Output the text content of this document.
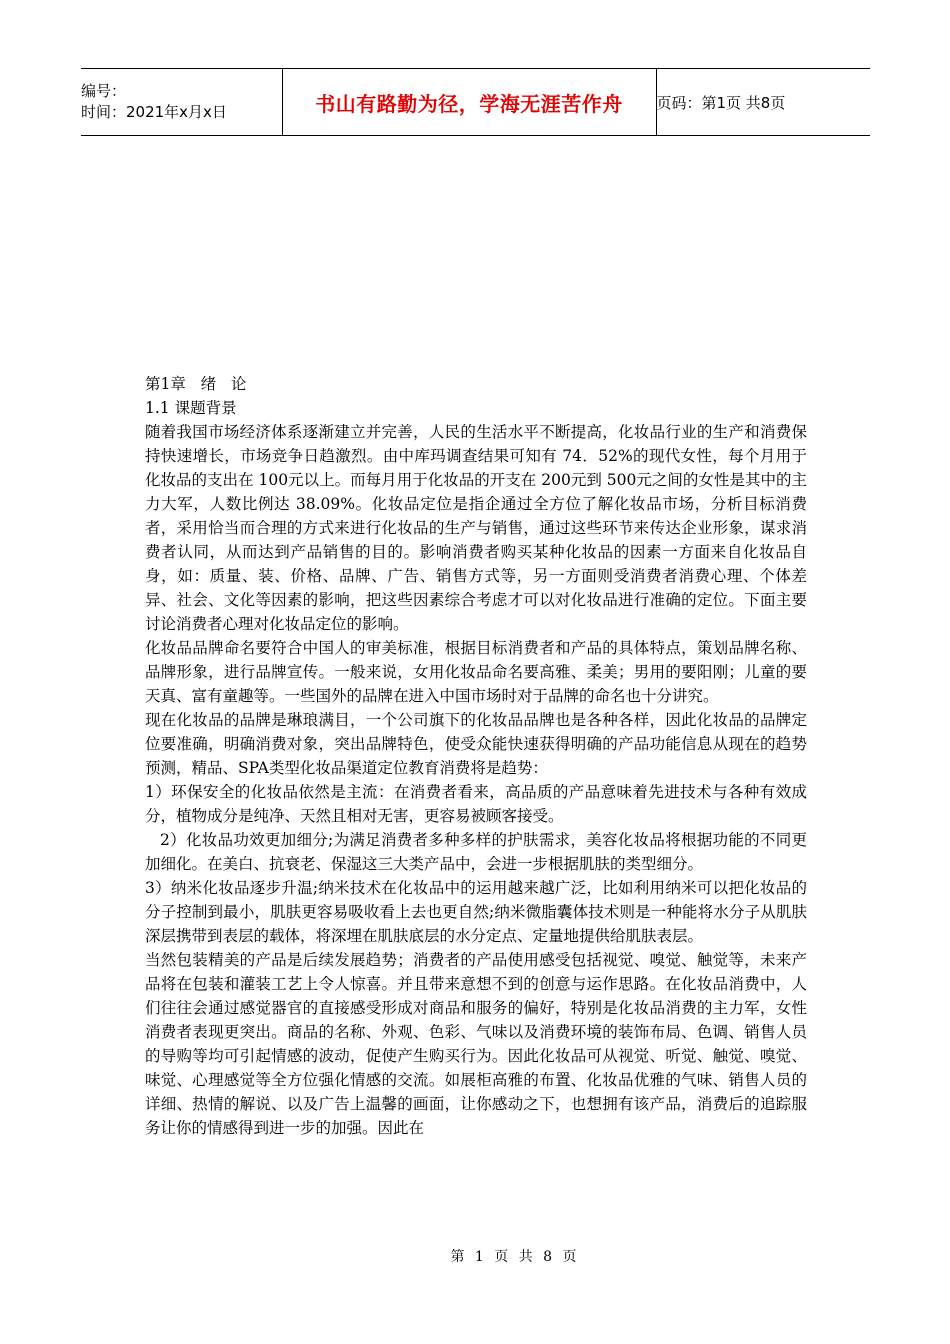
编号：
时间：2021年x月x日	书山有路勤为径，学海无涯苦作舟	页码：第1页 共8页

第1章   绪   论

1.1 课题背景

随着我国市场经济体系逐渐建立并完善，人民的生活水平不断提高，化妆品行业的生产和消费保持快速增长，市场竞争日趋激烈。由中库玛调查结果可知有 74．52%的现代女性，每个月用于化妆品的支出在 100元以上。而每月用于化妆品的开支在 200元到 500元之间的女性是其中的主力大军，人数比例达 38.09%。化妆品定位是指企通过全方位了解化妆品市场，分析目标消费者，采用恰当而合理的方式来进行化妆品的生产与销售，通过这些环节来传达企业形象，谋求消费者认同，从而达到产品销售的目的。影响消费者购买某种化妆品的因素一方面来自化妆品自身，如：质量、装、价格、品牌、广告、销售方式等，另一方面则受消费者消费心理、个体差异、社会、文化等因素的影响，把这些因素综合考虑才可以对化妆品进行准确的定位。下面主要讨论消费者心理对化妆品定位的影响。

化妆品品牌命名要符合中国人的审美标准，根据目标消费者和产品的具体特点，策划品牌名称、品牌形象，进行品牌宣传。一般来说，女用化妆品命名要高雅、柔美；男用的要阳刚；儿童的要天真、富有童趣等。一些国外的品牌在进入中国市场时对于品牌的命名也十分讲究。

现在化妆品的品牌是琳琅满目，一个公司旗下的化妆品品牌也是各种各样，因此化妆品的品牌定位要准确，明确消费对象，突出品牌特色，使受众能快速获得明确的产品功能信息从现在的趋势预测，精品、SPA类型化妆品渠道定位教育消费将是趋势：

1）环保安全的化妆品依然是主流：在消费者看来，高品质的产品意味着先进技术与各种有效成分，植物成分是纯净、天然且相对无害，更容易被顾客接受。

2）化妆品功效更加细分;为满足消费者多种多样的护肤需求，美容化妆品将根据功能的不同更加细化。在美白、抗衰老、保湿这三大类产品中，会进一步根据肌肤的类型细分。

3）纳米化妆品逐步升温;纳米技术在化妆品中的运用越来越广泛，比如利用纳米可以把化妆品的分子控制到最小，肌肤更容易吸收看上去也更自然;纳米微脂囊体技术则是一种能将水分子从肌肤深层携带到表层的载体，将深埋在肌肤底层的水分定点、定量地提供给肌肤表层。

当然包装精美的产品是后续发展趋势；消费者的产品使用感受包括视觉、嗅觉、触觉等，未来产品将在包装和灌装工艺上令人惊喜。并且带来意想不到的创意与运作思路。在化妆品消费中，人们往往会通过感觉器官的直接感受形成对商品和服务的偏好，特别是化妆品消费的主力军，女性消费者表现更突出。商品的名称、外观、色彩、气味以及消费环境的装饰布局、色调、销售人员的导购等均可引起情感的波动，促使产生购买行为。因此化妆品可从视觉、听觉、触觉、嗅觉、味觉、心理感觉等全方位强化情感的交流。如展柜高雅的布置、化妆品优雅的气味、销售人员的详细、热情的解说、以及广告上温馨的画面，让你感动之下，也想拥有该产品，消费后的追踪服务让你的情感得到进一步的加强。因此在

第 1 页 共 8 页
